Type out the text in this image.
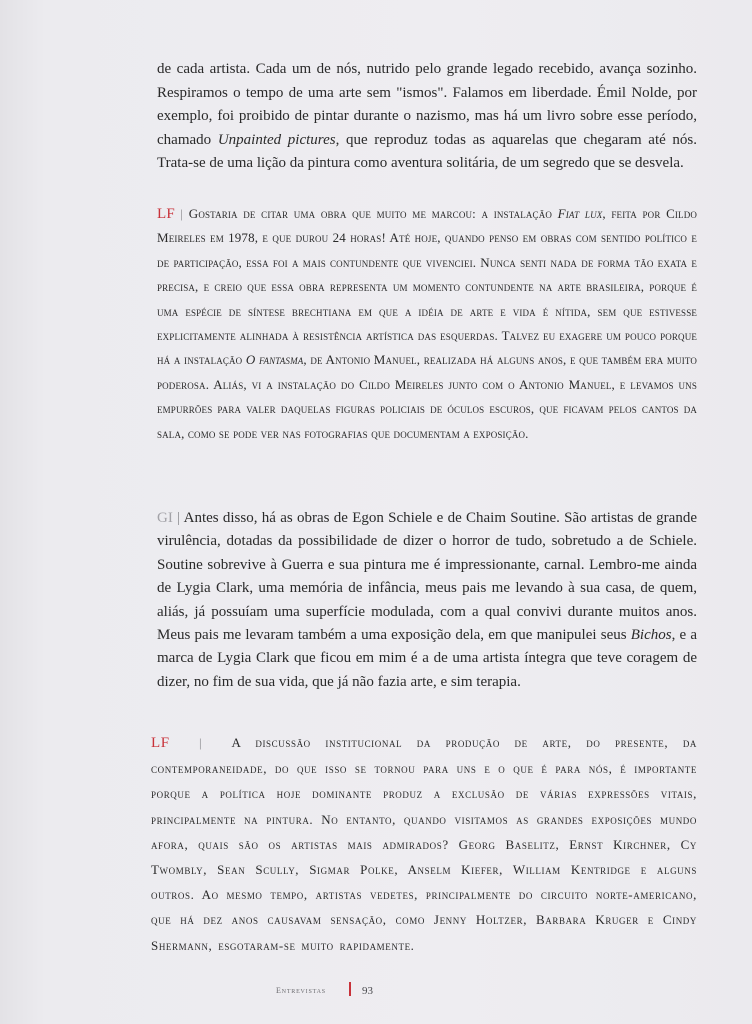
de cada artista. Cada um de nós, nutrido pelo grande legado recebido, avança sozinho. Respiramos o tempo de uma arte sem "ismos". Falamos em liberdade. Émil Nolde, por exemplo, foi proibido de pintar durante o nazismo, mas há um livro sobre esse período, chamado Unpainted pictures, que reproduz todas as aquarelas que chegaram até nós. Trata-se de uma lição da pintura como aventura solitária, de um segredo que se desvela.

LF | Gostaria de citar uma obra que muito me marcou: a instalação Fiat lux, feita por Cildo Meireles em 1978, e que durou 24 horas! Até hoje, quando penso em obras com sentido político e de participação, essa foi a mais contundente que vivenciei. Nunca senti nada de forma tão exata e precisa, e creio que essa obra representa um momento contundente na arte brasileira, porque é uma espécie de síntese brechtiana em que a idéia de arte e vida é nítida, sem que estivesse explicitamente alinhada à resistência artística das esquerdas. Talvez eu exagere um pouco porque há a instalação O fantasma, de Antonio Manuel, realizada há alguns anos, e que também era muito poderosa. Aliás, vi a instalação do Cildo Meireles junto com o Antonio Manuel, e levamos uns empurrões para valer daquelas figuras policiais de óculos escuros, que ficavam pelos cantos da sala, como se pode ver nas fotografias que documentam a exposição.

GI | Antes disso, há as obras de Egon Schiele e de Chaim Soutine. São artistas de grande virulência, dotadas da possibilidade de dizer o horror de tudo, sobretudo a de Schiele. Soutine sobrevive à Guerra e sua pintura me é impressionante, carnal. Lembro-me ainda de Lygia Clark, uma memória de infância, meus pais me levando à sua casa, de quem, aliás, já possuíam uma superfície modulada, com a qual convivi durante muitos anos. Meus pais me levaram também a uma exposição dela, em que manipulei seus Bichos, e a marca de Lygia Clark que ficou em mim é a de uma artista íntegra que teve coragem de dizer, no fim de sua vida, que já não fazia arte, e sim terapia.

LF | A discussão institucional da produção de arte, do presente, da contemporaneidade, do que isso se tornou para uns e o que é para nós, é importante porque a política hoje dominante produz a exclusão de várias expressões vitais, principalmente na pintura. No entanto, quando visitamos as grandes exposições mundo afora, quais são os artistas mais admirados? Georg Baselitz, Ernst Kirchner, Cy Twombly, Sean Scully, Sigmar Polke, Anselm Kiefer, William Kentridge e alguns outros. Ao mesmo tempo, artistas vedetes, principalmente do circuito norte-americano, que há dez anos causavam sensação, como Jenny Holtzer, Barbara Kruger e Cindy Shermann, esgotaram-se muito rapidamente.

Entrevistas	93
